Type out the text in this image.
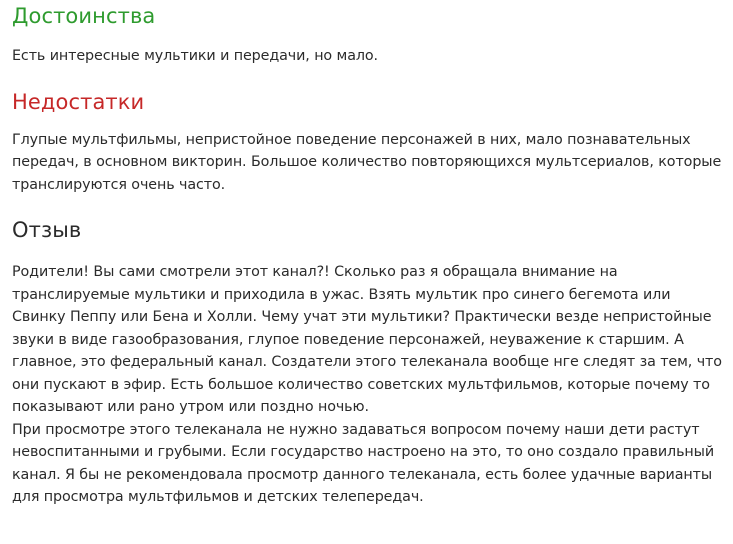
Достоинства

Есть интересные мультики и передачи, но мало.

Недостатки

Глупые мультфильмы, непристойное поведение персонажей в них, мало познавательных передач, в основном викторин. Большое количество повторяющихся мультсериалов, которые транслируются очень часто.

Отзыв

Родители! Вы сами смотрели этот канал?! Сколько раз я обращала внимание на транслируемые мультики и приходила в ужас. Взять мультик про синего бегемота или Свинку Пеппу или Бена и Холли. Чему учат эти мультики? Практически везде непристойные звуки в виде газообразования, глупое поведение персонажей, неуважение к старшим. А главное, это федеральный канал. Создатели этого телеканала вообще нге следят за тем, что они пускают в эфир. Есть большое количество советских мультфильмов, которые почему то показывают или рано утром или поздно ночью.

При просмотре этого телеканала не нужно задаваться вопросом почему наши дети растут невоспитанными и грубыми. Если государство настроено на это, то оно создало правильный канал. Я бы не рекомендовала просмотр данного телеканала, есть более удачные варианты для просмотра мультфильмов и детских телепередач.
